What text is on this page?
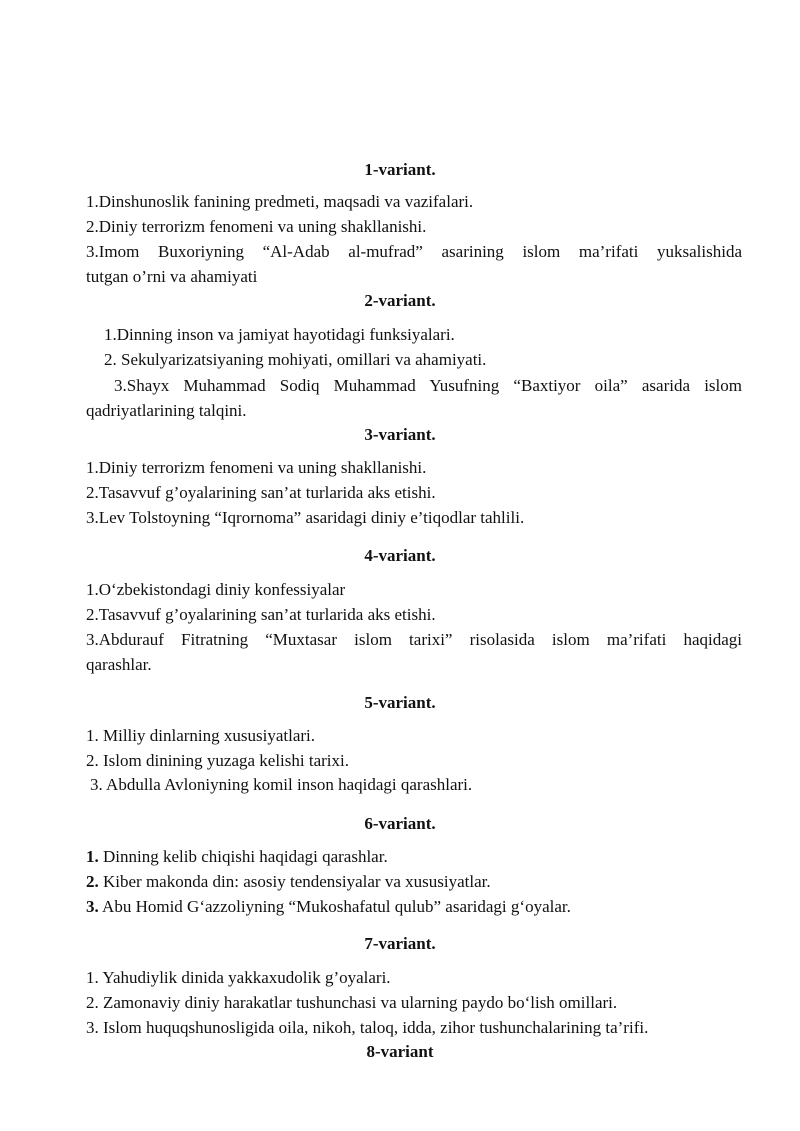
1-variant.
1.Dinshunoslik fanining predmeti, maqsadi va vazifalari.
2.Diniy terrorizm fenomeni va uning shakllanishi.
3.Imom Buxoriyning “Al-Adab al-mufrad” asarining islom ma’rifati yuksalishida
tutgan o’rni va ahamiyati
2-variant.
1.Dinning inson va jamiyat hayotidagi funksiyalari.
2. Sekulyarizatsiyaning mohiyati, omillari va ahamiyati.
3.Shayx Muhammad Sodiq Muhammad Yusufning “Baxtiyor oila” asarida islom
qadriyatlarining talqini.
3-variant.
1.Diniy terrorizm fenomeni va uning shakllanishi.
2.Tasavvuf g’oyalarining san’at turlarida aks etishi.
3.Lev Tolstoyning “Iqrornoma” asaridagi diniy e’tiqodlar tahlili.
4-variant.
1.O‘zbekistondagi diniy konfessiyalar
2.Tasavvuf g’oyalarining san’at turlarida aks etishi.
3.Abdurauf Fitratning “Muxtasar islom tarixi” risolasida islom ma’rifati haqidagi
qarashlar.
5-variant.
1. Milliy dinlarning xususiyatlari.
2. Islom dinining yuzaga kelishi tarixi.
3. Abdulla Avloniyning komil inson haqidagi qarashlari.
6-variant.
1. Dinning kelib chiqishi haqidagi qarashlar.
2. Kiber makonda din: asosiy tendensiyalar va xususiyatlar.
3. Abu Homid G‘azzoliyning “Mukoshafatul qulub” asaridagi g‘oyalar.
7-variant.
1. Yahudiylik dinida yakkaxudolik g’oyalari.
2. Zamonaviy diniy harakatlar tushunchasi va ularning paydo bo‘lish omillari.
3. Islom huquqshunosligida oila, nikoh, taloq, idda, zihor tushunchalarining ta’rifi.
8-variant
